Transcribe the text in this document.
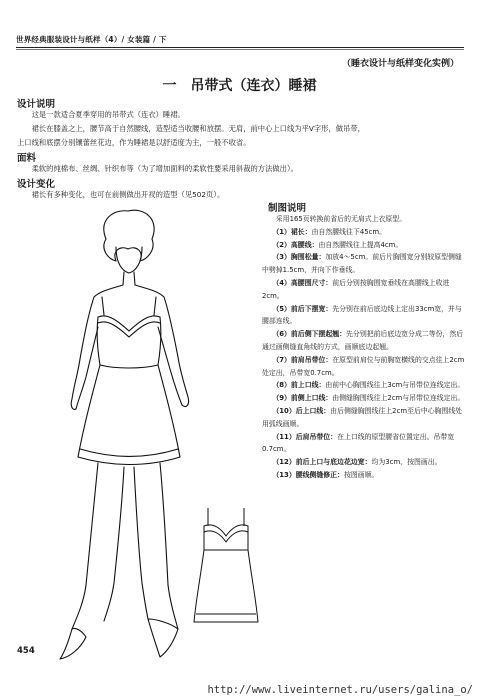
世界经典服装设计与纸样（4）/ 女装篇 / 下
（睡衣设计与纸样变化实例）
一　吊带式（连衣）睡裙
设计说明
这是一款适合夏季穿用的吊带式（连衣）睡裙。
裙长在膝盖之上，腰节高于自然腰线，造型适当收腰和放摆。无肩，前中心上口线为平V字形，做吊带，
上口线和底摆分别镶蕾丝花边，作为睡裙是以舒适度为主，一般不收省。
面料
柔软的纯棉布、丝绸、针织布等（为了增加面料的柔软性要采用斜裁的方法做出）。
设计变化
裙长有多种变化，也可在前侧做出开衩的造型（见502页）。
制图说明

采用165页转换前省后的无肩式上衣原型。

（1）裙长：由自然腰线往下45cm。

（2）高腰线：由自然腰线往上提高4cm。

（3）胸围松量：加放4～5cm。前后片胸围宽分别较原型侧缝中劈掉1.5cm，并向下作垂线。

（4）高腰围尺寸：前后分别按胸围宽垂线在高腰线上收进2cm。

（5）前后下摆宽：先分别在前后底边线上定出33cm宽，并与腰部连线。

（6）前后侧下摆起翘：先分别把前后底边宽分成二等份，然后通过画侧缝直角线的方式，画顺底边起翘。

（7）前肩吊带位：在原型前肩位与前胸宽横线的交点往上2cm处定出，吊带宽0.7cm。

（8）前上口线：由前中心胸围线往上3cm与吊带位连线定出。

（9）前侧上口线：由侧缝胸围线往上2cm与吊带位连线定出。

（10）后上口线：由后侧缝胸围线往上2cm至后中心胸围线处用弧线画顺。

（11）后肩吊带位：在上口线的原型腰省位置定出。吊带宽0.7cm。

（12）前后上口与底边花边宽：均为3cm，按图画出。

（13）腰线侧缝修正：按图画顺。

454
http://www.liveinternet.ru/users/galina_o/
